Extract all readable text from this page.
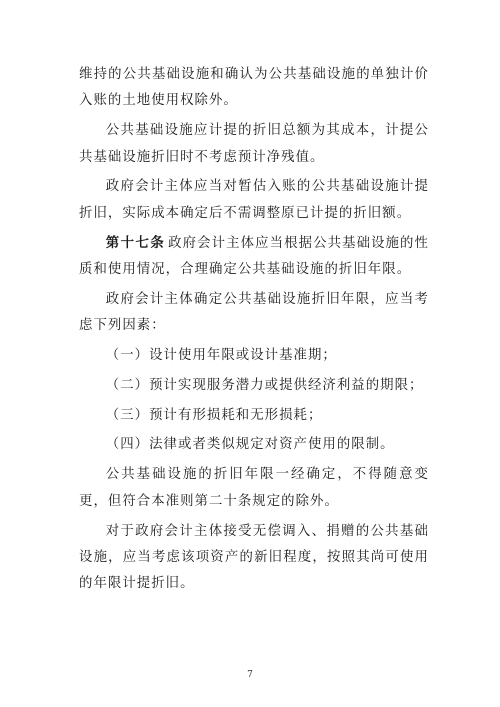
维持的公共基础设施和确认为公共基础设施的单独计价入账的土地使用权除外。

公共基础设施应计提的折旧总额为其成本，计提公共基础设施折旧时不考虑预计净残值。

政府会计主体应当对暂估入账的公共基础设施计提折旧，实际成本确定后不需调整原已计提的折旧额。

第十七条 政府会计主体应当根据公共基础设施的性质和使用情况，合理确定公共基础设施的折旧年限。

政府会计主体确定公共基础设施折旧年限，应当考虑下列因素：

（一）设计使用年限或设计基准期；

（二）预计实现服务潜力或提供经济利益的期限；

（三）预计有形损耗和无形损耗；

（四）法律或者类似规定对资产使用的限制。

公共基础设施的折旧年限一经确定，不得随意变更，但符合本准则第二十条规定的除外。

对于政府会计主体接受无偿调入、捐赠的公共基础设施，应当考虑该项资产的新旧程度，按照其尚可使用的年限计提折旧。

7
